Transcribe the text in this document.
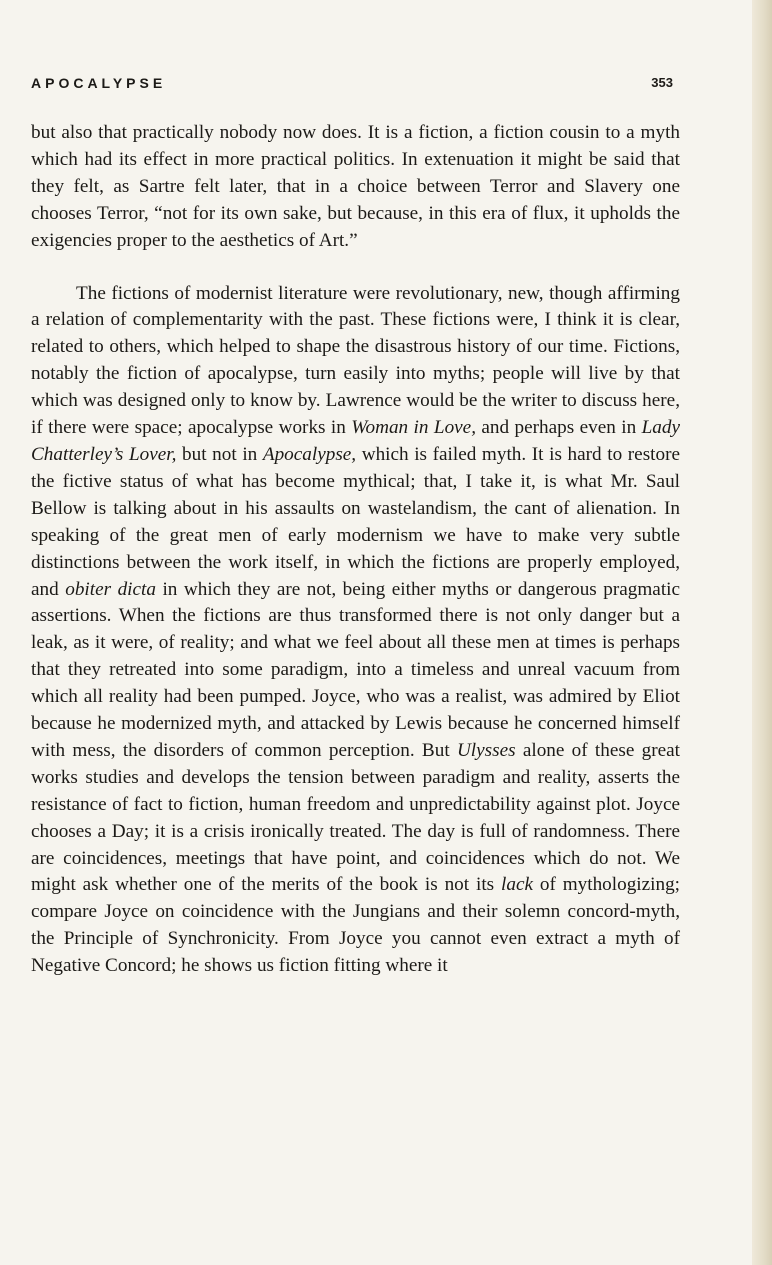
APOCALYPSE	353

but also that practically nobody now does. It is a fiction, a fiction cousin to a myth which had its effect in more practical politics. In extenuation it might be said that they felt, as Sartre felt later, that in a choice between Terror and Slavery one chooses Terror, “not for its own sake, but because, in this era of flux, it upholds the exigencies proper to the aesthetics of Art.”

The fictions of modernist literature were revolutionary, new, though affirming a relation of complementarity with the past. These fictions were, I think it is clear, related to others, which helped to shape the disastrous history of our time. Fictions, notably the fiction of apocalypse, turn easily into myths; people will live by that which was designed only to know by. Lawrence would be the writer to discuss here, if there were space; apocalypse works in Woman in Love, and perhaps even in Lady Chatterley’s Lover, but not in Apocalypse, which is failed myth. It is hard to restore the fictive status of what has become mythical; that, I take it, is what Mr. Saul Bellow is talking about in his assaults on wastelandism, the cant of alienation. In speaking of the great men of early modernism we have to make very subtle distinctions between the work itself, in which the fictions are properly employed, and obiter dicta in which they are not, being either myths or dangerous pragmatic assertions. When the fictions are thus transformed there is not only danger but a leak, as it were, of reality; and what we feel about all these men at times is perhaps that they retreated into some paradigm, into a timeless and unreal vacuum from which all reality had been pumped. Joyce, who was a realist, was admired by Eliot because he modernized myth, and attacked by Lewis because he concerned himself with mess, the disorders of common perception. But Ulysses alone of these great works studies and develops the tension between paradigm and reality, asserts the resistance of fact to fiction, human freedom and unpredictability against plot. Joyce chooses a Day; it is a crisis ironically treated. The day is full of randomness. There are coincidences, meetings that have point, and coincidences which do not. We might ask whether one of the merits of the book is not its lack of mythologizing; compare Joyce on coincidence with the Jungians and their solemn concord-myth, the Principle of Synchronicity. From Joyce you cannot even extract a myth of Negative Concord; he shows us fiction fitting where it
